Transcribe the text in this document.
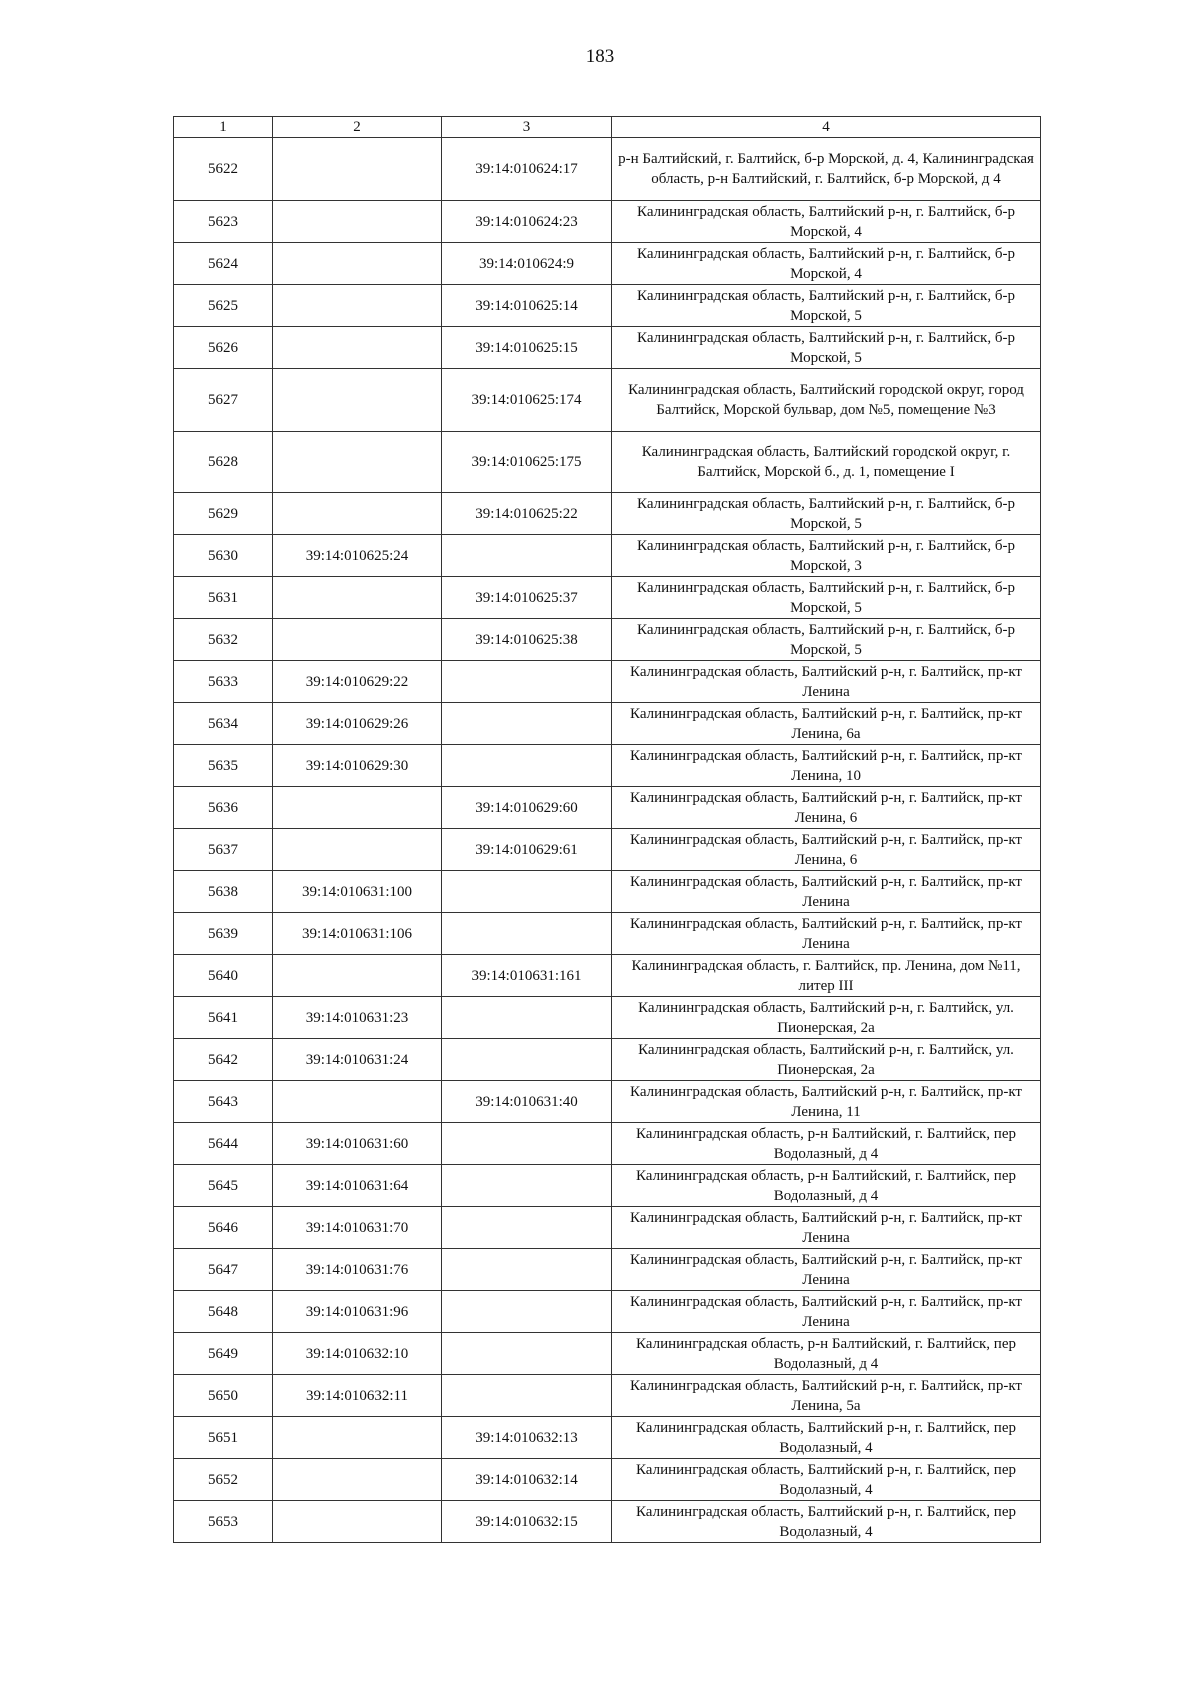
183
1	2	3	4
5622		39:14:010624:17	р-н Балтийский, г. Балтийск, б-р Морской, д. 4, Калининградская область, р-н Балтийский, г. Балтийск, б-р Морской, д 4
5623		39:14:010624:23	Калининградская область, Балтийский р-н, г. Балтийск, б-р Морской, 4
5624		39:14:010624:9	Калининградская область, Балтийский р-н, г. Балтийск, б-р Морской, 4
5625		39:14:010625:14	Калининградская область, Балтийский р-н, г. Балтийск, б-р Морской, 5
5626		39:14:010625:15	Калининградская область, Балтийский р-н, г. Балтийск, б-р Морской, 5
5627		39:14:010625:174	Калининградская область, Балтийский городской округ, город Балтийск, Морской бульвар, дом №5, помещение №3
5628		39:14:010625:175	Калининградская область, Балтийский городской округ, г. Балтийск, Морской б., д. 1, помещение I
5629		39:14:010625:22	Калининградская область, Балтийский р-н, г. Балтийск, б-р Морской, 5
5630	39:14:010625:24		Калининградская область, Балтийский р-н, г. Балтийск, б-р Морской, 3
5631		39:14:010625:37	Калининградская область, Балтийский р-н, г. Балтийск, б-р Морской, 5
5632		39:14:010625:38	Калининградская область, Балтийский р-н, г. Балтийск, б-р Морской, 5
5633	39:14:010629:22		Калининградская область, Балтийский р-н, г. Балтийск, пр-кт Ленина
5634	39:14:010629:26		Калининградская область, Балтийский р-н, г. Балтийск, пр-кт Ленина, 6а
5635	39:14:010629:30		Калининградская область, Балтийский р-н, г. Балтийск, пр-кт Ленина, 10
5636		39:14:010629:60	Калининградская область, Балтийский р-н, г. Балтийск, пр-кт Ленина, 6
5637		39:14:010629:61	Калининградская область, Балтийский р-н, г. Балтийск, пр-кт Ленина, 6
5638	39:14:010631:100		Калининградская область, Балтийский р-н, г. Балтийск, пр-кт Ленина
5639	39:14:010631:106		Калининградская область, Балтийский р-н, г. Балтийск, пр-кт Ленина
5640		39:14:010631:161	Калининградская область, г. Балтийск, пр. Ленина, дом №11, литер III
5641	39:14:010631:23		Калининградская область, Балтийский р-н, г. Балтийск, ул. Пионерская, 2а
5642	39:14:010631:24		Калининградская область, Балтийский р-н, г. Балтийск, ул. Пионерская, 2а
5643		39:14:010631:40	Калининградская область, Балтийский р-н, г. Балтийск, пр-кт Ленина, 11
5644	39:14:010631:60		Калининградская область, р-н Балтийский, г. Балтийск, пер Водолазный, д 4
5645	39:14:010631:64		Калининградская область, р-н Балтийский, г. Балтийск, пер Водолазный, д 4
5646	39:14:010631:70		Калининградская область, Балтийский р-н, г. Балтийск, пр-кт Ленина
5647	39:14:010631:76		Калининградская область, Балтийский р-н, г. Балтийск, пр-кт Ленина
5648	39:14:010631:96		Калининградская область, Балтийский р-н, г. Балтийск, пр-кт Ленина
5649	39:14:010632:10		Калининградская область, р-н Балтийский, г. Балтийск, пер Водолазный, д 4
5650	39:14:010632:11		Калининградская область, Балтийский р-н, г. Балтийск, пр-кт Ленина, 5а
5651		39:14:010632:13	Калининградская область, Балтийский р-н, г. Балтийск, пер Водолазный, 4
5652		39:14:010632:14	Калининградская область, Балтийский р-н, г. Балтийск, пер Водолазный, 4
5653		39:14:010632:15	Калининградская область, Балтийский р-н, г. Балтийск, пер Водолазный, 4
